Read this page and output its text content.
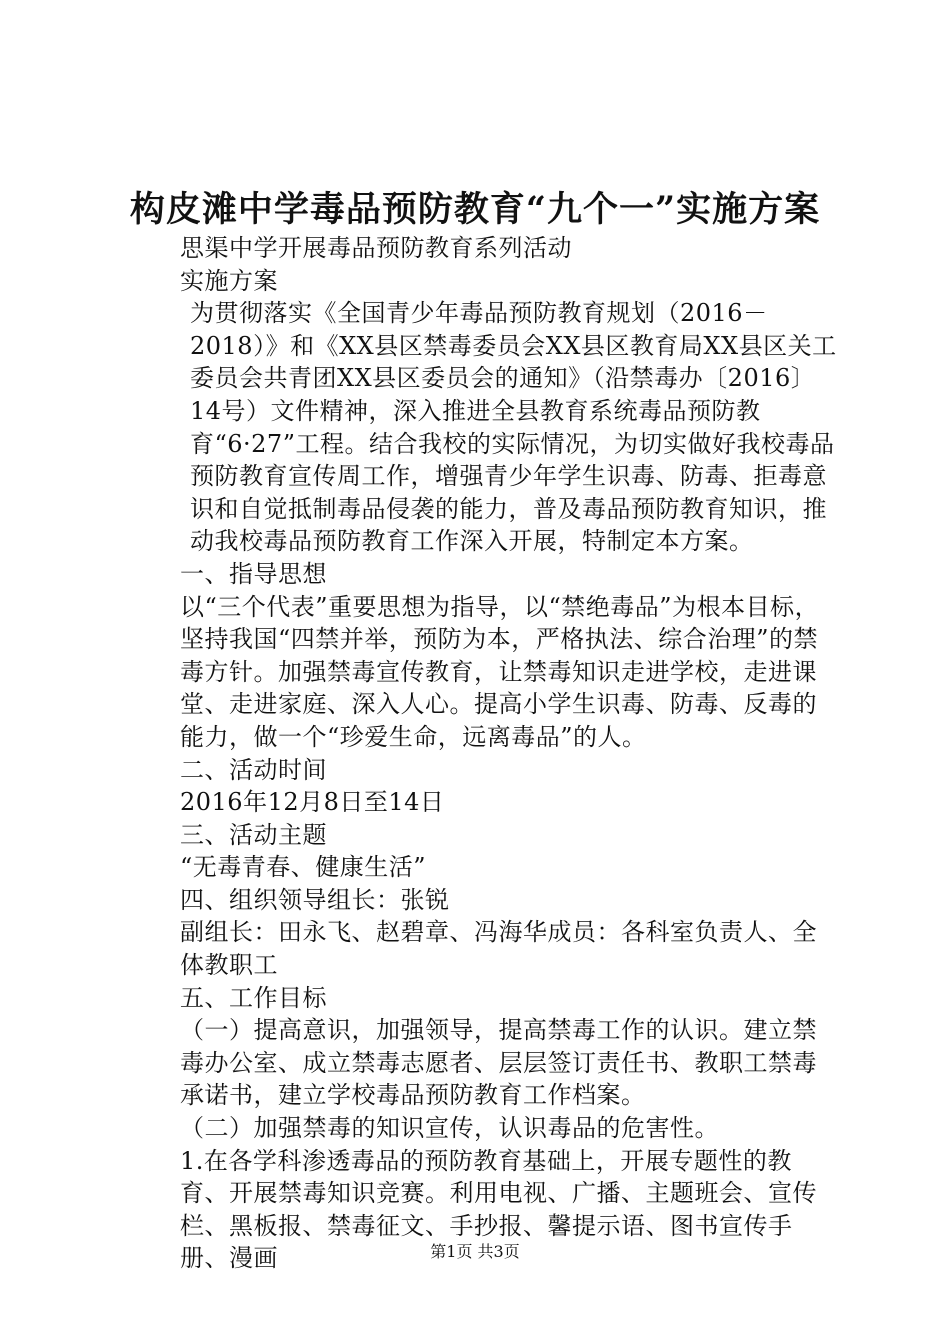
构皮滩中学毒品预防教育“九个一”实施方案

思渠中学开展毒品预防教育系列活动

实施方案

为贯彻落实《全国青少年毒品预防教育规划（2016－2018）》和《XX县区禁毒委员会XX县区教育局XX县区关工委员会共青团XX县区委员会的通知》（沿禁毒办〔2016〕14号）文件精神，深入推进全县教育系统毒品预防教育“6·27”工程。结合我校的实际情况，为切实做好我校毒品预防教育宣传周工作，增强青少年学生识毒、防毒、拒毒意识和自觉抵制毒品侵袭的能力，普及毒品预防教育知识，推动我校毒品预防教育工作深入开展，特制定本方案。

一、指导思想

以“三个代表”重要思想为指导，以“禁绝毒品”为根本目标，坚持我国“四禁并举，预防为本，严格执法、综合治理”的禁毒方针。加强禁毒宣传教育，让禁毒知识走进学校，走进课堂、走进家庭、深入人心。提高小学生识毒、防毒、反毒的能力，做一个“珍爱生命，远离毒品”的人。

二、活动时间

2016年12月8日至14日

三、活动主题

“无毒青春、健康生活”

四、组织领导组长：张锐

副组长：田永飞、赵碧章、冯海华成员：各科室负责人、全体教职工

五、工作目标

（一）提高意识，加强领导，提高禁毒工作的认识。建立禁毒办公室、成立禁毒志愿者、层层签订责任书、教职工禁毒承诺书，建立学校毒品预防教育工作档案。

（二）加强禁毒的知识宣传，认识毒品的危害性。

1.在各学科渗透毒品的预防教育基础上，开展专题性的教育、开展禁毒知识竞赛。利用电视、广播、主题班会、宣传栏、黑板报、禁毒征文、手抄报、馨提示语、图书宣传手册、漫画	第1页 共3页
